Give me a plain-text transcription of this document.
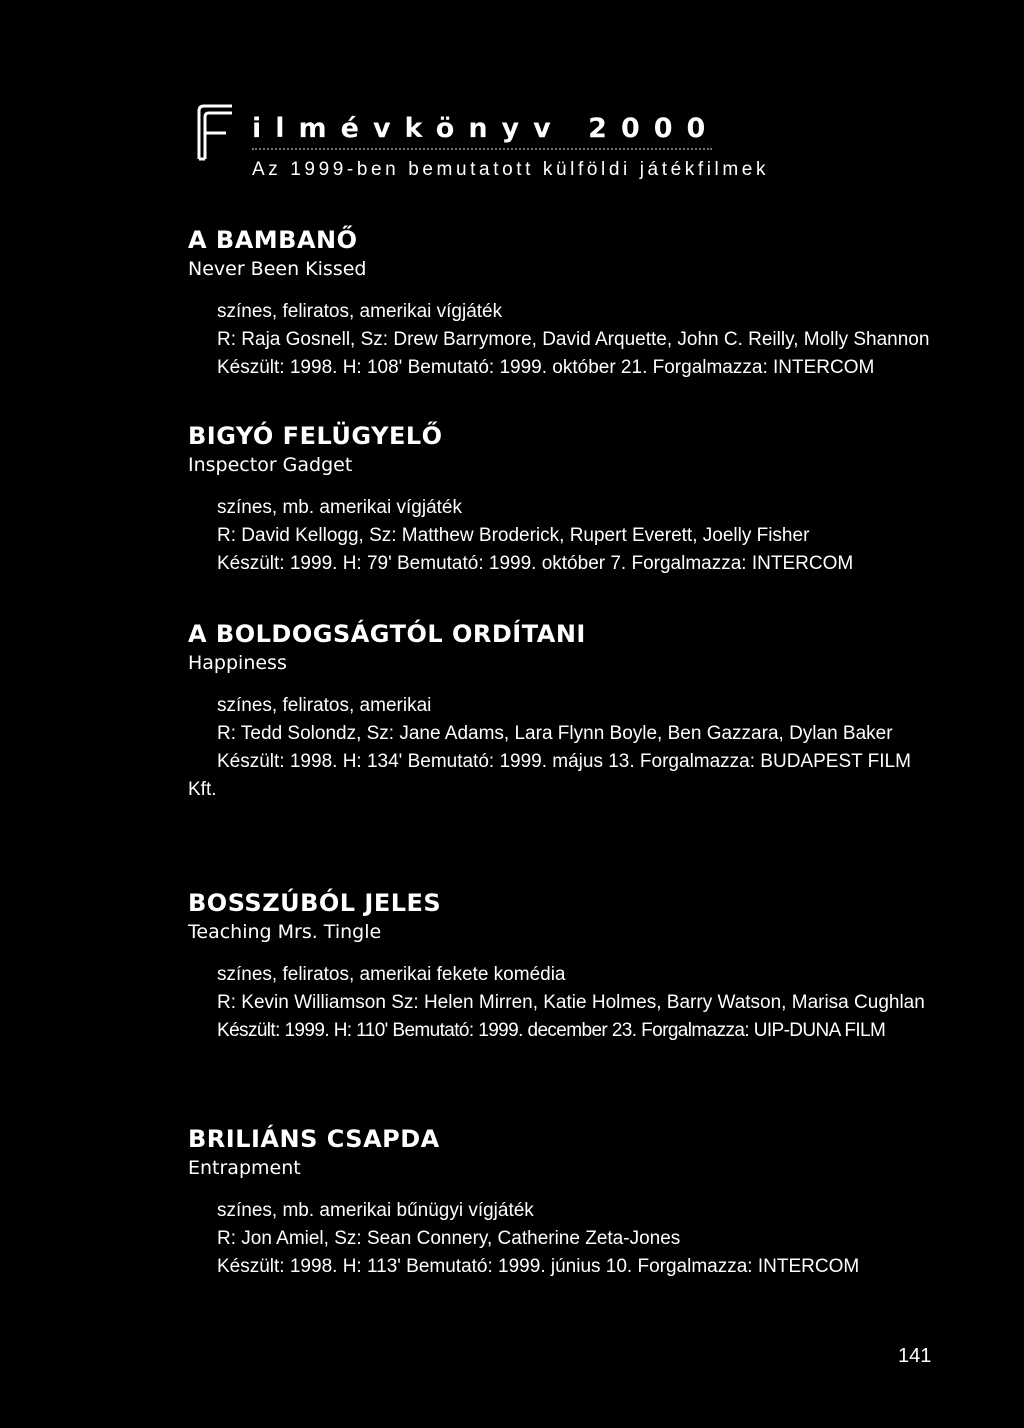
ilmévkönyv 2000
Az 1999-ben bemutatott külföldi játékfilmek
A BAMBANŐ
Never Been Kissed
színes, feliratos, amerikai vígjáték
R: Raja Gosnell, Sz: Drew Barrymore, David Arquette, John C. Reilly, Molly Shannon
Készült: 1998. H: 108' Bemutató: 1999. október 21. Forgalmazza: INTERCOM
BIGYÓ FELÜGYELŐ
Inspector Gadget
színes, mb. amerikai vígjáték
R: David Kellogg, Sz: Matthew Broderick, Rupert Everett, Joelly Fisher
Készült: 1999. H: 79' Bemutató: 1999. október 7. Forgalmazza: INTERCOM
A BOLDOGSÁGTÓL ORDÍTANI
Happiness
színes, feliratos, amerikai
R: Tedd Solondz, Sz: Jane Adams, Lara Flynn Boyle, Ben Gazzara, Dylan Baker
Készült: 1998. H: 134' Bemutató: 1999. május 13. Forgalmazza: BUDAPEST FILM Kft.
BOSSZÚBÓL JELES
Teaching Mrs. Tingle
színes, feliratos, amerikai fekete komédia
R: Kevin Williamson Sz: Helen Mirren, Katie Holmes, Barry Watson, Marisa Cughlan
Készült: 1999. H: 110' Bemutató: 1999. december 23. Forgalmazza: UIP-DUNA FILM
BRILIÁNS CSAPDA
Entrapment
színes, mb. amerikai bűnügyi vígjáték
R: Jon Amiel, Sz: Sean Connery, Catherine Zeta-Jones
Készült: 1998. H: 113' Bemutató: 1999. június 10. Forgalmazza: INTERCOM
141
